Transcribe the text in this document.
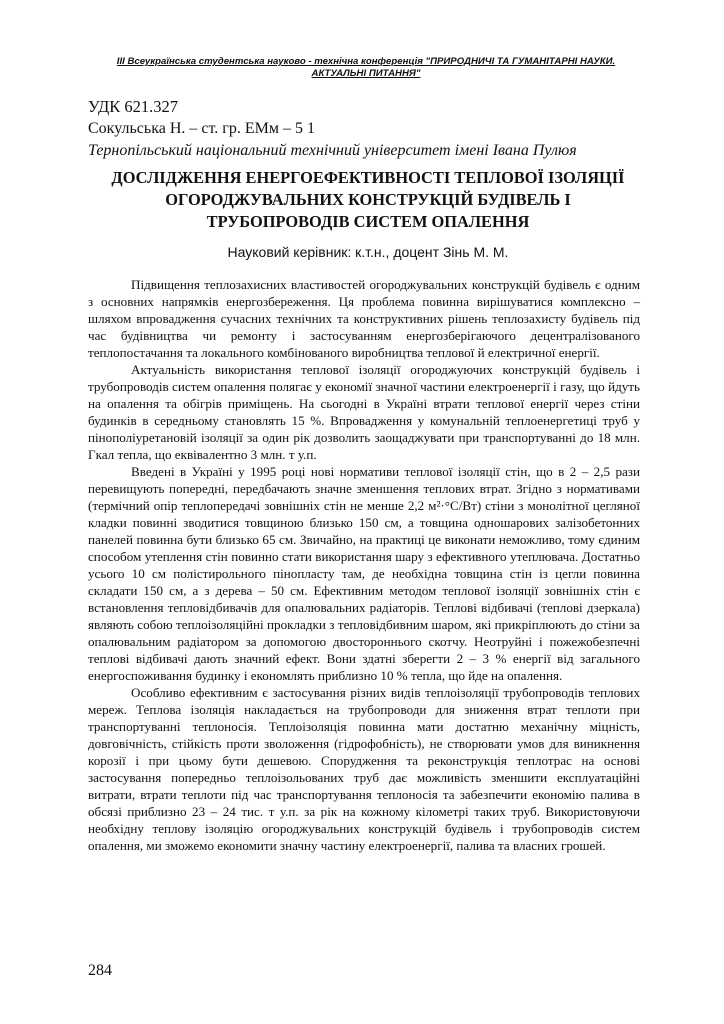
III Всеукраїнська студентська науково - технічна конференція "ПРИРОДНИЧІ ТА ГУМАНІТАРНІ НАУКИ.
АКТУАЛЬНІ ПИТАННЯ"
УДК 621.327
Сокульська Н. – ст. гр. ЕМм – 5 1
Тернопільський національний технічний університет імені Івана Пулюя
ДОСЛІДЖЕННЯ ЕНЕРГОЕФЕКТИВНОСТІ ТЕПЛОВОЇ ІЗОЛЯЦІЇ
ОГОРОДЖУВАЛЬНИХ КОНСТРУКЦІЙ БУДІВЕЛЬ І
ТРУБОПРОВОДІВ СИСТЕМ ОПАЛЕННЯ
Науковий керівник: к.т.н., доцент Зінь М. М.

Підвищення теплозахисних властивостей огороджувальних конструкцій будівель є одним з основних напрямків енергозбереження. Ця проблема повинна вирішуватися комплексно – шляхом впровадження сучасних технічних та конструктивних рішень теплозахисту будівель під час будівництва чи ремонту і застосуванням енергозберігаючого децентралізованого теплопостачання та локального комбінованого виробництва теплової й електричної енергії.

Актуальність використання теплової ізоляції огороджуючих конструкцій будівель і трубопроводів систем опалення полягає у економії значної частини електроенергії і газу, що йдуть на опалення та обігрів приміщень. На сьогодні в Україні втрати теплової енергії через стіни будинків в середньому становлять 15 %. Впровадження у комунальній теплоенергетиці труб у пінополіуретановій ізоляції за один рік дозволить заощаджувати при транспортуванні до 18 млн. Гкал тепла, що еквівалентно 3 млн. т у.п.

Введені в Україні у 1995 році нові нормативи теплової ізоляції стін, що в 2 – 2,5 рази перевищують попередні, передбачають значне зменшення теплових втрат. Згідно з нормативами (термічний опір теплопередачі зовнішніх стін не менше 2,2 м²·°С/Вт) стіни з монолітної цегляної кладки повинні зводитися товщиною близько 150 см, а товщина одношарових залізобетонних панелей повинна бути близько 65 см. Звичайно, на практиці це виконати неможливо, тому єдиним способом утеплення стін повинно стати використання шару з ефективного утеплювача. Достатньо усього 10 см полістирольного пінопласту там, де необхідна товщина стін із цегли повинна складати 150 см, а з дерева – 50 см. Ефективним методом теплової ізоляції зовнішніх стін є встановлення тепловідбивачів для опалювальних радіаторів. Теплові відбивачі (теплові дзеркала) являють собою теплоізоляційні прокладки з тепловідбивним шаром, які прикріплюють до стіни за опалювальним радіатором за допомогою двостороннього скотчу. Неотруйні і пожежобезпечні теплові відбивачі дають значний ефект. Вони здатні зберегти 2 – 3 % енергії від загального енергоспоживання будинку і економлять приблизно 10 % тепла, що йде на опалення.

Особливо ефективним є застосування різних видів теплоізоляції трубопроводів теплових мереж. Теплова ізоляція накладається на трубопроводи для зниження втрат теплоти при транспортуванні теплоносія. Теплоізоляція повинна мати достатню механічну міцність, довговічність, стійкість проти зволоження (гідрофобність), не створювати умов для виникнення корозії і при цьому бути дешевою. Спорудження та реконструкція теплотрас на основі застосування попередньо теплоізольованих труб дає можливість зменшити експлуатаційні витрати, втрати теплоти під час транспортування теплоносія та забезпечити економію палива в обсязі приблизно 23 – 24 тис. т у.п. за рік на кожному кілометрі таких труб. Використовуючи необхідну теплову ізоляцію огороджувальних конструкцій будівель і трубопроводів систем опалення, ми зможемо економити значну частину електроенергії, палива та власних грошей.

284
